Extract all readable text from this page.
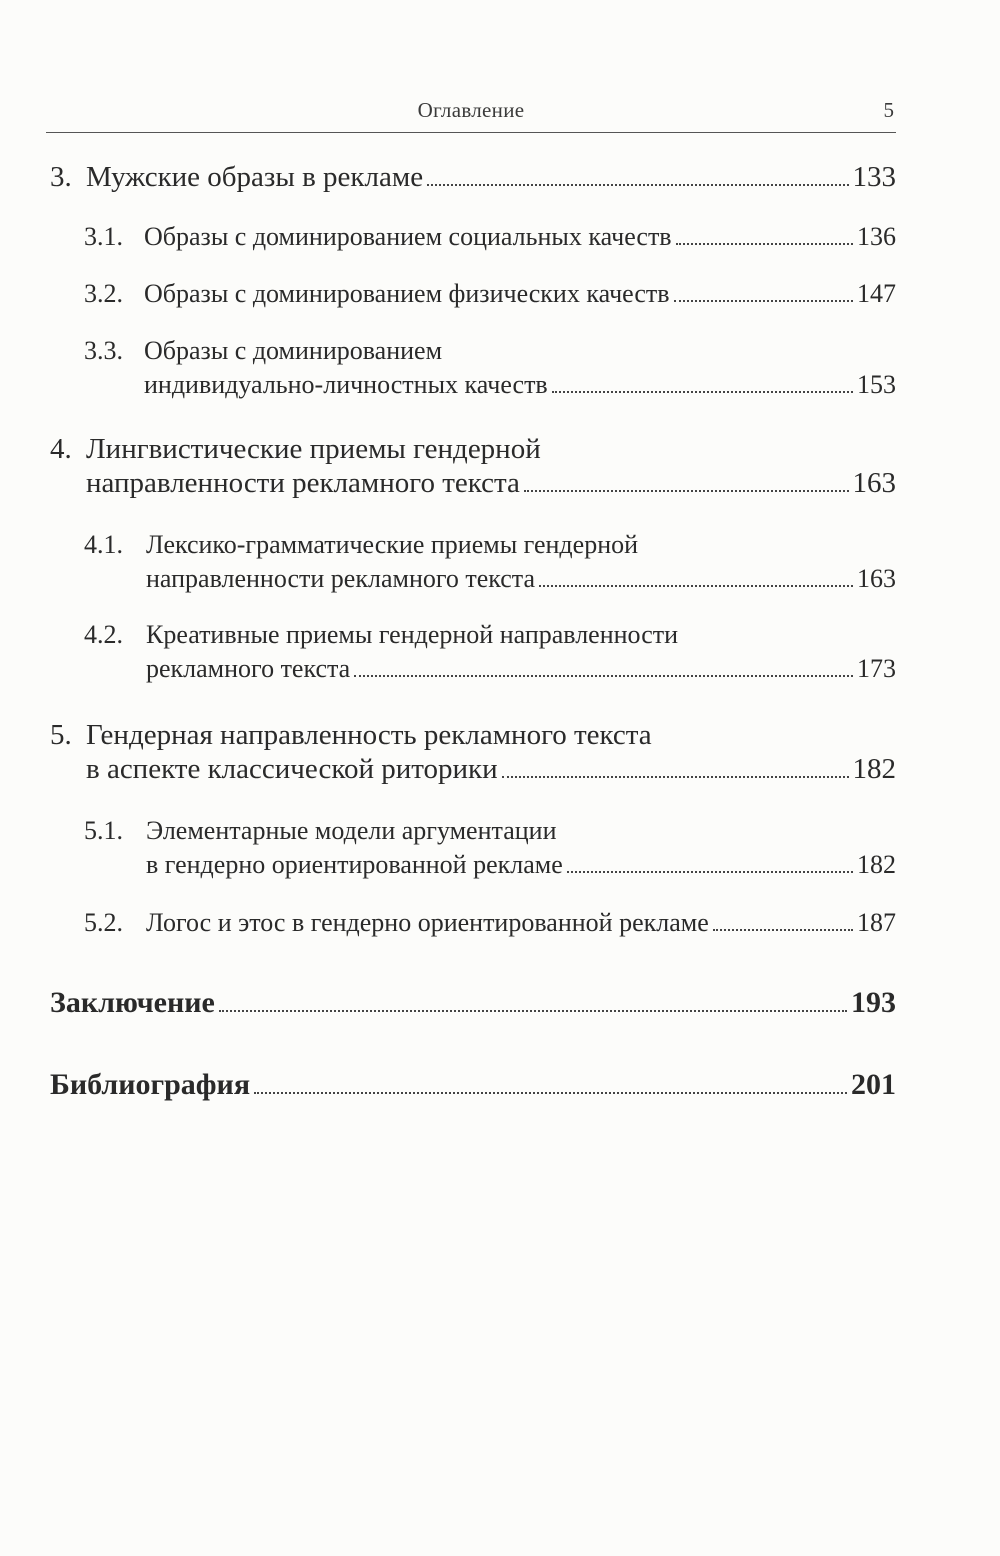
Оглавление	5
3. Мужские образы в рекламе	133
3.1. Образы с доминированием социальных качеств	136
3.2. Образы с доминированием физических качеств	147
3.3. Образы с доминированием
индивидуально-личностных качеств	153
4. Лингвистические приемы гендерной
направленности рекламного текста	163
4.1. Лексико-грамматические приемы гендерной
направленности рекламного текста	163
4.2. Креативные приемы гендерной направленности
рекламного текста	173
5. Гендерная направленность рекламного текста
в аспекте классической риторики	182
5.1. Элементарные модели аргументации
в гендерно ориентированной рекламе	182
5.2. Логос и этос в гендерно ориентированной рекламе	187
Заключение	193
Библиография	201
